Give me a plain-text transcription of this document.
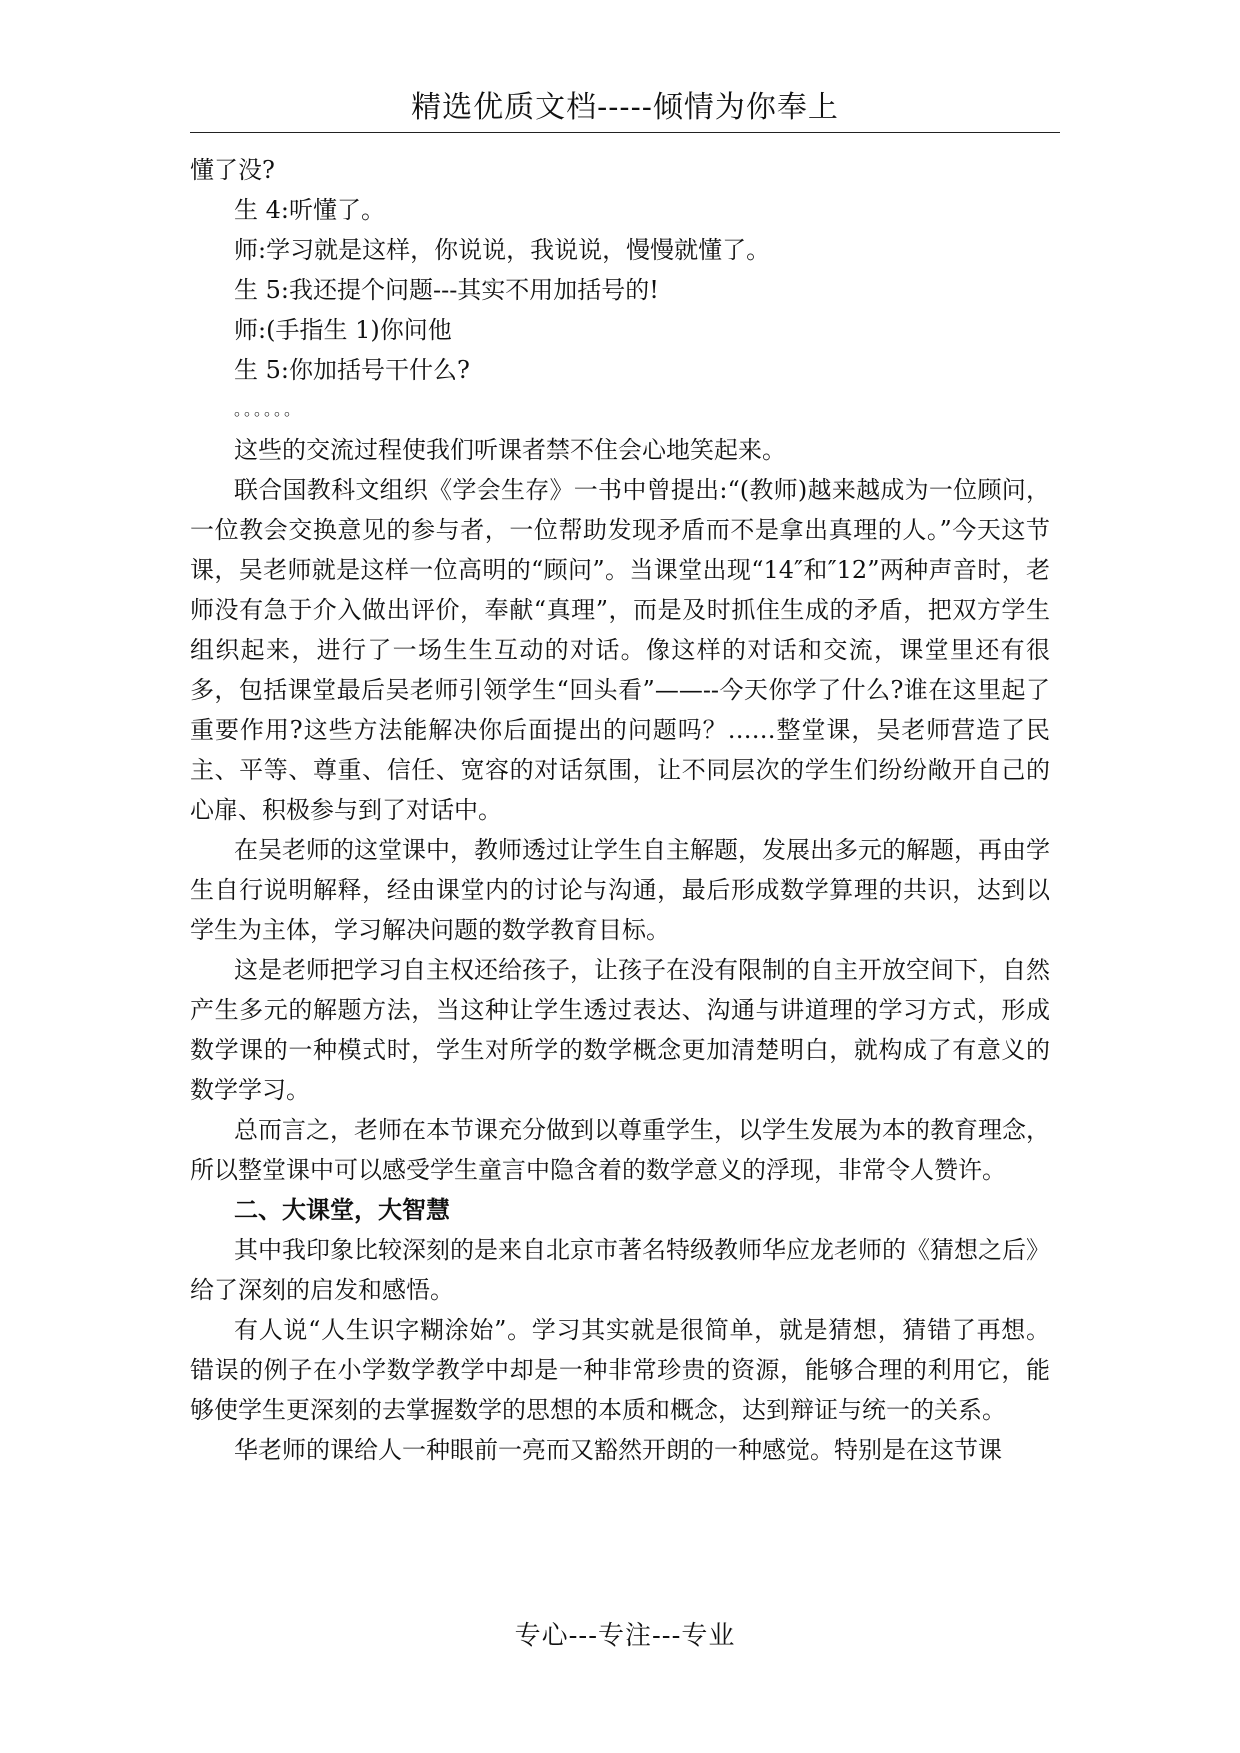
精选优质文档-----倾情为你奉上

懂了没?

生 4:听懂了。

师:学习就是这样，你说说，我说说，慢慢就懂了。

生 5:我还提个问题---其实不用加括号的!

师:(手指生 1)你问他

生 5:你加括号干什么?

。。。。。。

这些的交流过程使我们听课者禁不住会心地笑起来。

联合国教科文组织《学会生存》一书中曾提出:“(教师)越来越成为一位顾问，一位教会交换意见的参与者，一位帮助发现矛盾而不是拿出真理的人。”今天这节课，吴老师就是这样一位高明的“顾问”。当课堂出现“14″和″12”两种声音时，老师没有急于介入做出评价，奉献“真理”，而是及时抓住生成的矛盾，把双方学生组织起来，进行了一场生生互动的对话。像这样的对话和交流，课堂里还有很多，包括课堂最后吴老师引领学生“回头看”——--今天你学了什么?谁在这里起了重要作用?这些方法能解决你后面提出的问题吗？……整堂课，吴老师营造了民主、平等、尊重、信任、宽容的对话氛围，让不同层次的学生们纷纷敞开自己的心扉、积极参与到了对话中。

在吴老师的这堂课中，教师透过让学生自主解题，发展出多元的解题，再由学生自行说明解释，经由课堂内的讨论与沟通，最后形成数学算理的共识，达到以学生为主体，学习解决问题的数学教育目标。

这是老师把学习自主权还给孩子，让孩子在没有限制的自主开放空间下，自然产生多元的解题方法，当这种让学生透过表达、沟通与讲道理的学习方式，形成数学课的一种模式时，学生对所学的数学概念更加清楚明白，就构成了有意义的数学学习。

总而言之，老师在本节课充分做到以尊重学生，以学生发展为本的教育理念，所以整堂课中可以感受学生童言中隐含着的数学意义的浮现，非常令人赞许。

二、大课堂，大智慧

其中我印象比较深刻的是来自北京市著名特级教师华应龙老师的《猜想之后》给了深刻的启发和感悟。

有人说“人生识字糊涂始”。学习其实就是很简单，就是猜想，猜错了再想。错误的例子在小学数学教学中却是一种非常珍贵的资源，能够合理的利用它，能够使学生更深刻的去掌握数学的思想的本质和概念，达到辩证与统一的关系。

华老师的课给人一种眼前一亮而又豁然开朗的一种感觉。特别是在这节课

专心---专注---专业
